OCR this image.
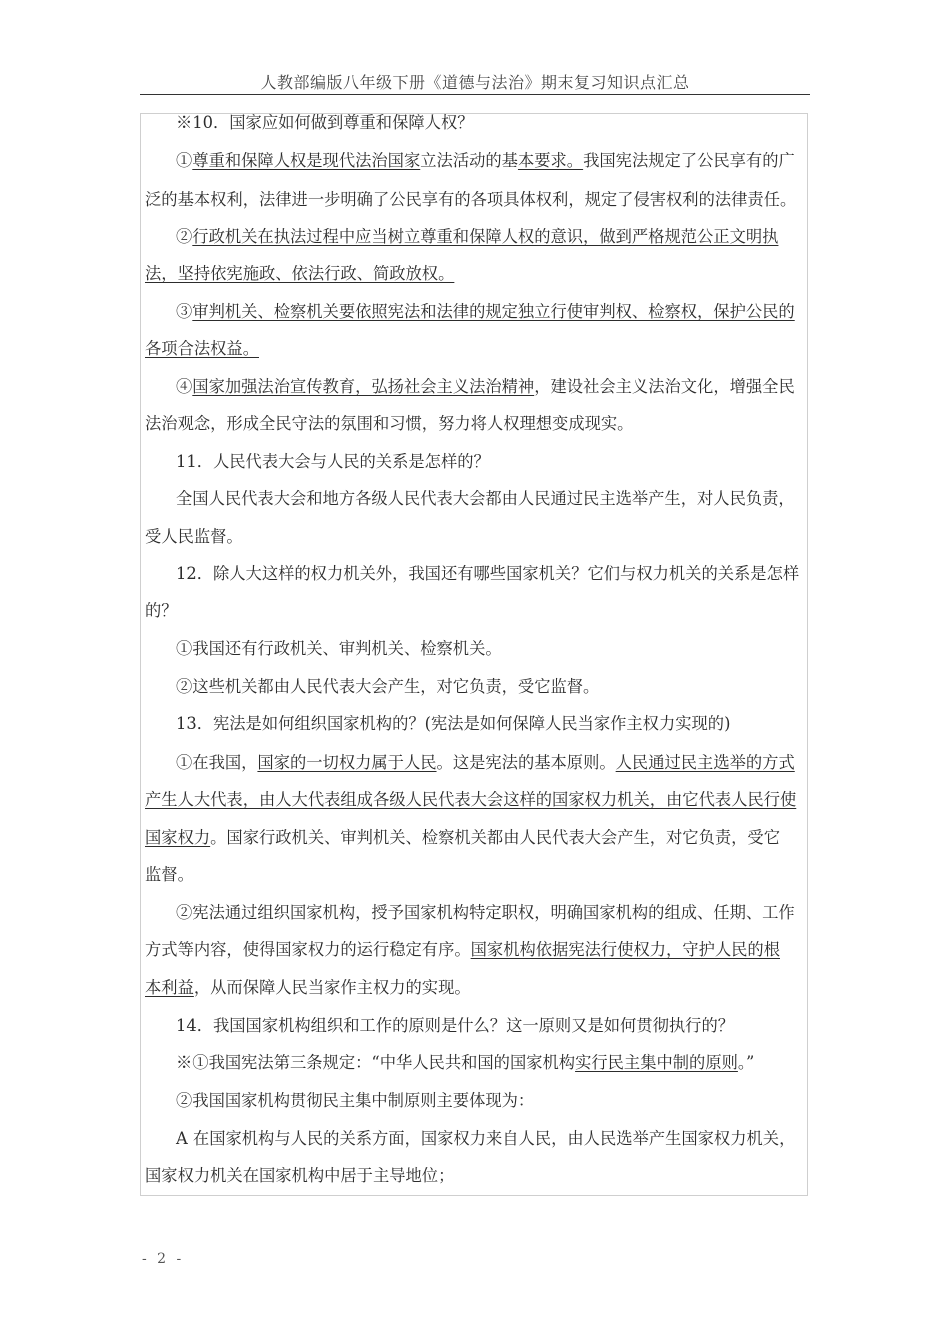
人教部编版八年级下册《道德与法治》期末复习知识点汇总
※10．国家应如何做到尊重和保障人权？
①尊重和保障人权是现代法治国家立法活动的基本要求。我国宪法规定了公民享有的广
泛的基本权利，法律进一步明确了公民享有的各项具体权利，规定了侵害权利的法律责任。
②行政机关在执法过程中应当树立尊重和保障人权的意识，做到严格规范公正文明执
法，坚持依宪施政、依法行政、简政放权。
③审判机关、检察机关要依照宪法和法律的规定独立行使审判权、检察权，保护公民的
各项合法权益。
④国家加强法治宣传教育，弘扬社会主义法治精神，建设社会主义法治文化，增强全民
法治观念，形成全民守法的氛围和习惯，努力将人权理想变成现实。
11．人民代表大会与人民的关系是怎样的？
全国人民代表大会和地方各级人民代表大会都由人民通过民主选举产生，对人民负责，
受人民监督。
12．除人大这样的权力机关外，我国还有哪些国家机关？它们与权力机关的关系是怎样
的？
①我国还有行政机关、审判机关、检察机关。
②这些机关都由人民代表大会产生，对它负责，受它监督。
13．宪法是如何组织国家机构的？(宪法是如何保障人民当家作主权力实现的)
①在我国，国家的一切权力属于人民。这是宪法的基本原则。人民通过民主选举的方式
产生人大代表，由人大代表组成各级人民代表大会这样的国家权力机关，由它代表人民行使
国家权力。国家行政机关、审判机关、检察机关都由人民代表大会产生，对它负责，受它
监督。
②宪法通过组织国家机构，授予国家机构特定职权，明确国家机构的组成、任期、工作
方式等内容，使得国家权力的运行稳定有序。国家机构依据宪法行使权力，守护人民的根
本利益，从而保障人民当家作主权力的实现。
14．我国国家机构组织和工作的原则是什么？这一原则又是如何贯彻执行的？
※①我国宪法第三条规定：“中华人民共和国的国家机构实行民主集中制的原则。”
②我国国家机构贯彻民主集中制原则主要体现为：
A 在国家机构与人民的关系方面，国家权力来自人民，由人民选举产生国家权力机关，
国家权力机关在国家机构中居于主导地位；
- 2 -
